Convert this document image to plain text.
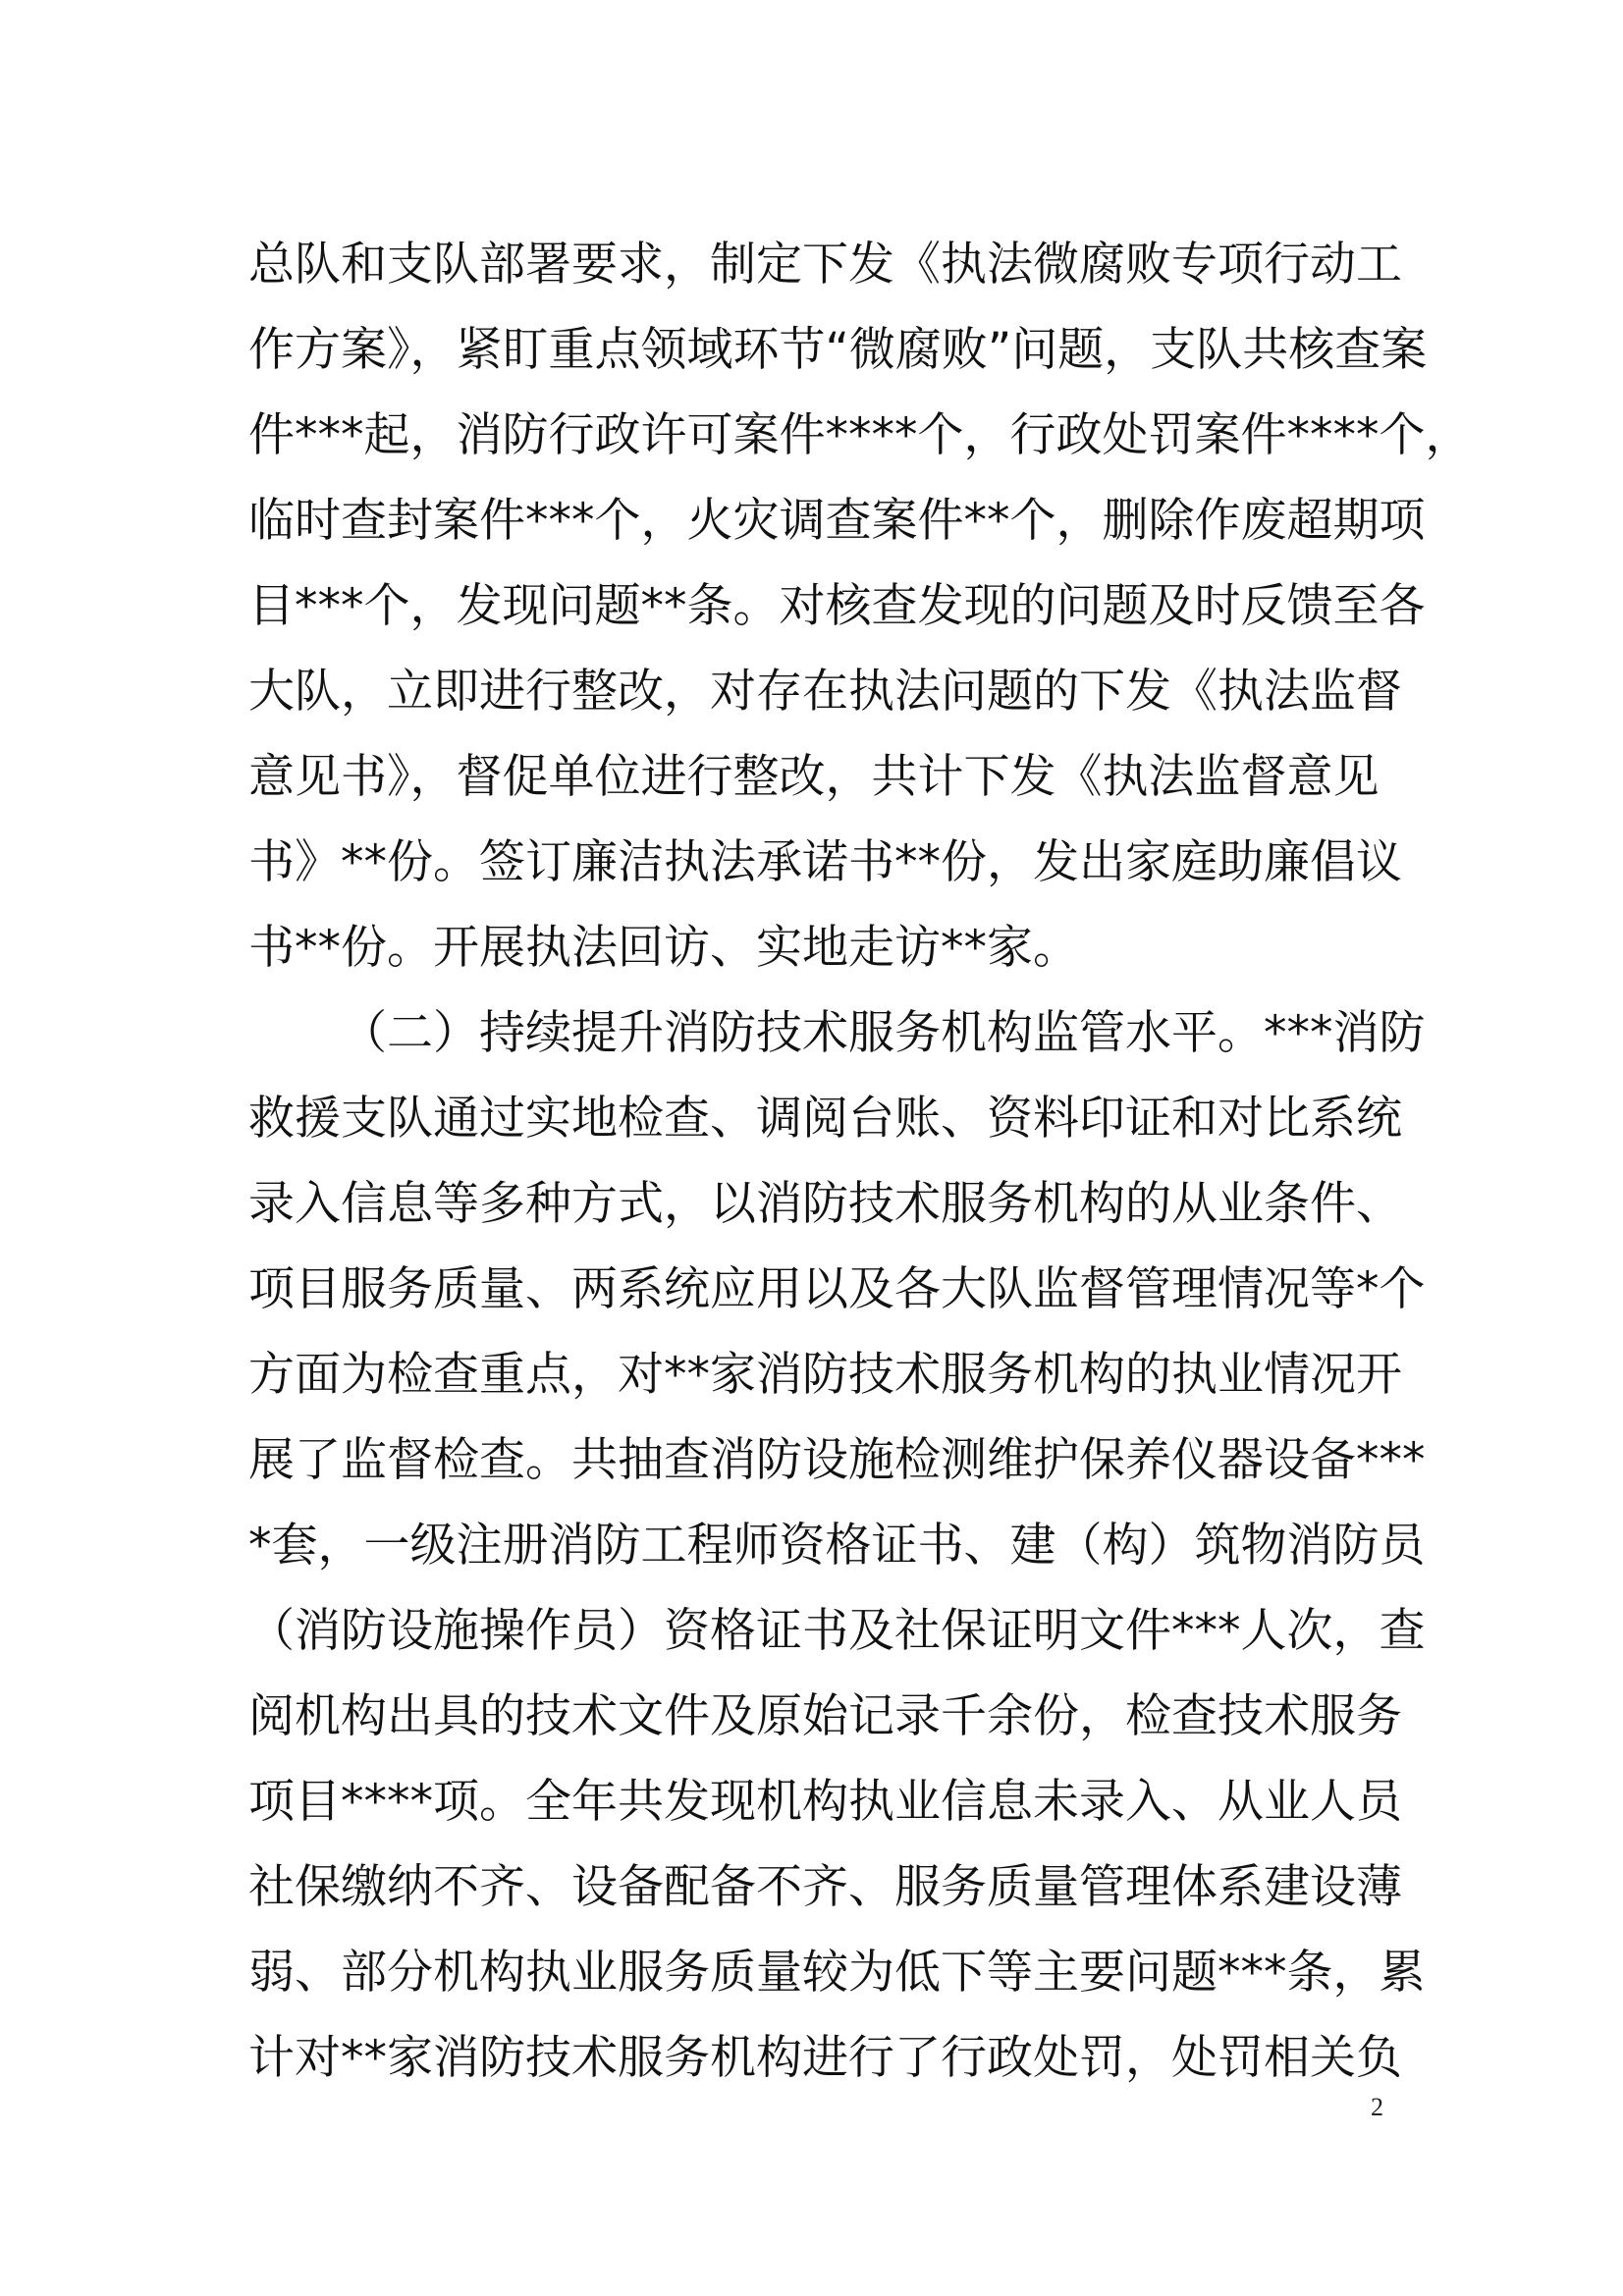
总队和支队部署要求，制定下发《执法微腐败专项行动工
作方案》，紧盯重点领域环节“微腐败”问题，支队共核查案
件***起，消防行政许可案件****个，行政处罚案件****个，
临时查封案件***个，火灾调查案件**个，删除作废超期项
目***个，发现问题**条。对核查发现的问题及时反馈至各
大队，立即进行整改，对存在执法问题的下发《执法监督
意见书》，督促单位进行整改，共计下发《执法监督意见
书》**份。签订廉洁执法承诺书**份，发出家庭助廉倡议
书**份。开展执法回访、实地走访**家。
（二）持续提升消防技术服务机构监管水平。***消防
救援支队通过实地检查、调阅台账、资料印证和对比系统
录入信息等多种方式，以消防技术服务机构的从业条件、
项目服务质量、两系统应用以及各大队监督管理情况等*个
方面为检查重点，对**家消防技术服务机构的执业情况开
展了监督检查。共抽查消防设施检测维护保养仪器设备***
*套，一级注册消防工程师资格证书、建（构）筑物消防员
（消防设施操作员）资格证书及社保证明文件***人次，查
阅机构出具的技术文件及原始记录千余份，检查技术服务
项目****项。全年共发现机构执业信息未录入、从业人员
社保缴纳不齐、设备配备不齐、服务质量管理体系建设薄
弱、部分机构执业服务质量较为低下等主要问题***条，累
计对**家消防技术服务机构进行了行政处罚，处罚相关负
2
